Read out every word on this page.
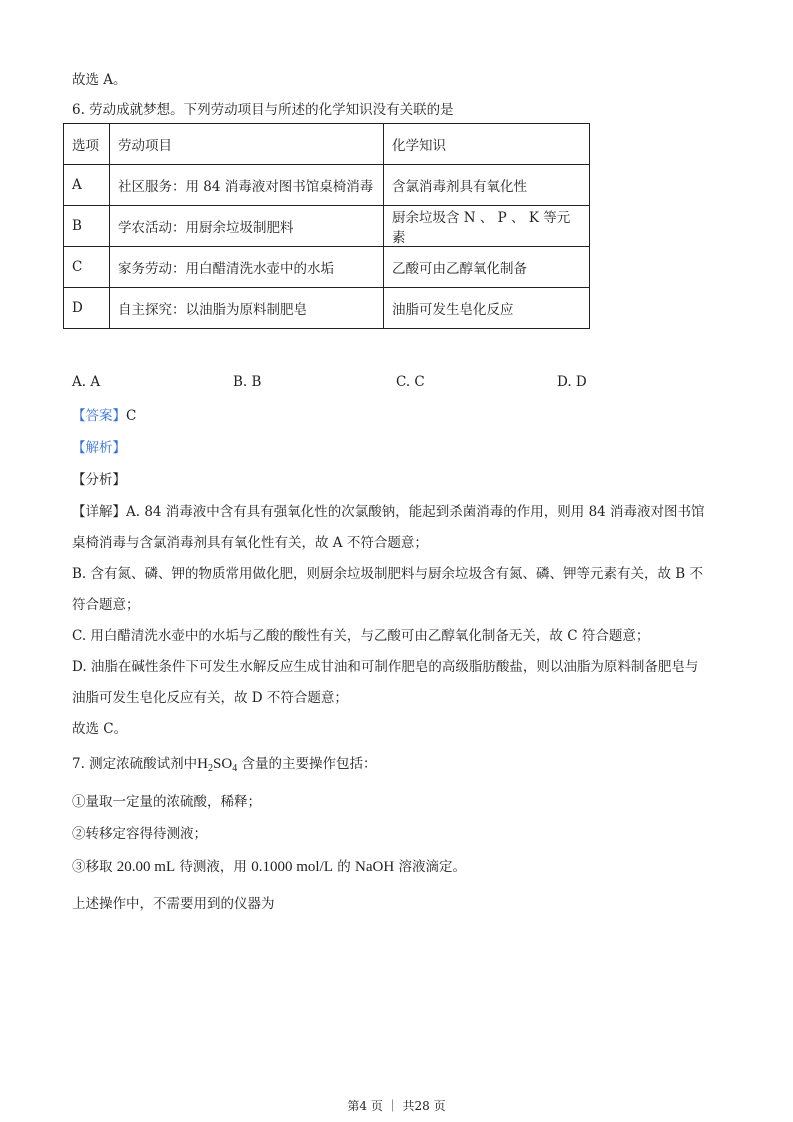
故选 A。
6. 劳动成就梦想。下列劳动项目与所述的化学知识没有关联的是
选项	劳动项目	化学知识
A	社区服务：用 84 消毒液对图书馆桌椅消毒	含氯消毒剂具有氧化性
B	学农活动：用厨余垃圾制肥料	厨余垃圾含 N 、 P 、 K 等元素
C	家务劳动：用白醋清洗水壶中的水垢	乙酸可由乙醇氧化制备
D	自主探究：以油脂为原料制肥皂	油脂可发生皂化反应
A. A	B. B	C. C	D. D
【答案】C
【解析】
【分析】
【详解】A. 84 消毒液中含有具有强氧化性的次氯酸钠，能起到杀菌消毒的作用，则用 84 消毒液对图书馆
桌椅消毒与含氯消毒剂具有氧化性有关，故 A 不符合题意；
B. 含有氮、磷、钾的物质常用做化肥，则厨余垃圾制肥料与厨余垃圾含有氮、磷、钾等元素有关，故 B 不
符合题意；
C. 用白醋清洗水壶中的水垢与乙酸的酸性有关，与乙酸可由乙醇氧化制备无关，故 C 符合题意；
D. 油脂在碱性条件下可发生水解反应生成甘油和可制作肥皂的高级脂肪酸盐，则以油脂为原料制备肥皂与
油脂可发生皂化反应有关，故 D 不符合题意；
故选 C。
7. 测定浓硫酸试剂中$H_2SO_4$ 含量的主要操作包括：
①量取一定量的浓硫酸，稀释；
②转移定容得待测液；
③移取 20.00 mL 待测液，用 0.1000 mol/L 的 NaOH 溶液滴定。
上述操作中，不需要用到的仪器为
第4 页 ｜ 共28 页
